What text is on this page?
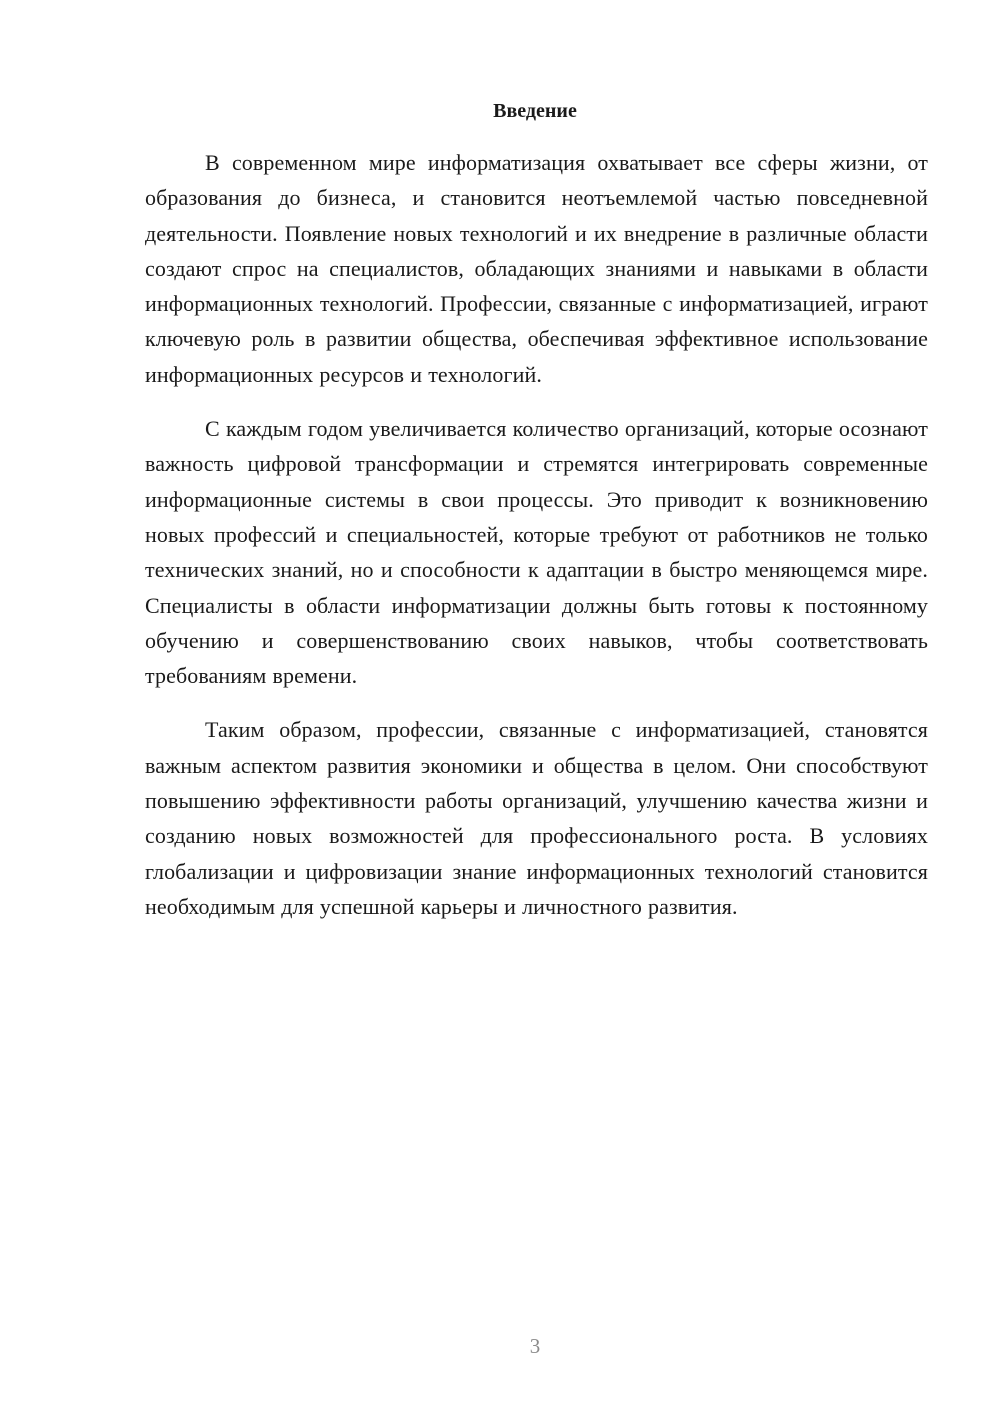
Введение

В современном мире информатизация охватывает все сферы жизни, от образования до бизнеса, и становится неотъемлемой частью повседневной деятельности. Появление новых технологий и их внедрение в различные области создают спрос на специалистов, обладающих знаниями и навыками в области информационных технологий. Профессии, связанные с информатизацией, играют ключевую роль в развитии общества, обеспечивая эффективное использование информационных ресурсов и технологий.

С каждым годом увеличивается количество организаций, которые осознают важность цифровой трансформации и стремятся интегрировать современные информационные системы в свои процессы. Это приводит к возникновению новых профессий и специальностей, которые требуют от работников не только технических знаний, но и способности к адаптации в быстро меняющемся мире. Специалисты в области информатизации должны быть готовы к постоянному обучению и совершенствованию своих навыков, чтобы соответствовать требованиям времени.

Таким образом, профессии, связанные с информатизацией, становятся важным аспектом развития экономики и общества в целом. Они способствуют повышению эффективности работы организаций, улучшению качества жизни и созданию новых возможностей для профессионального роста. В условиях глобализации и цифровизации знание информационных технологий становится необходимым для успешной карьеры и личностного развития.

3
